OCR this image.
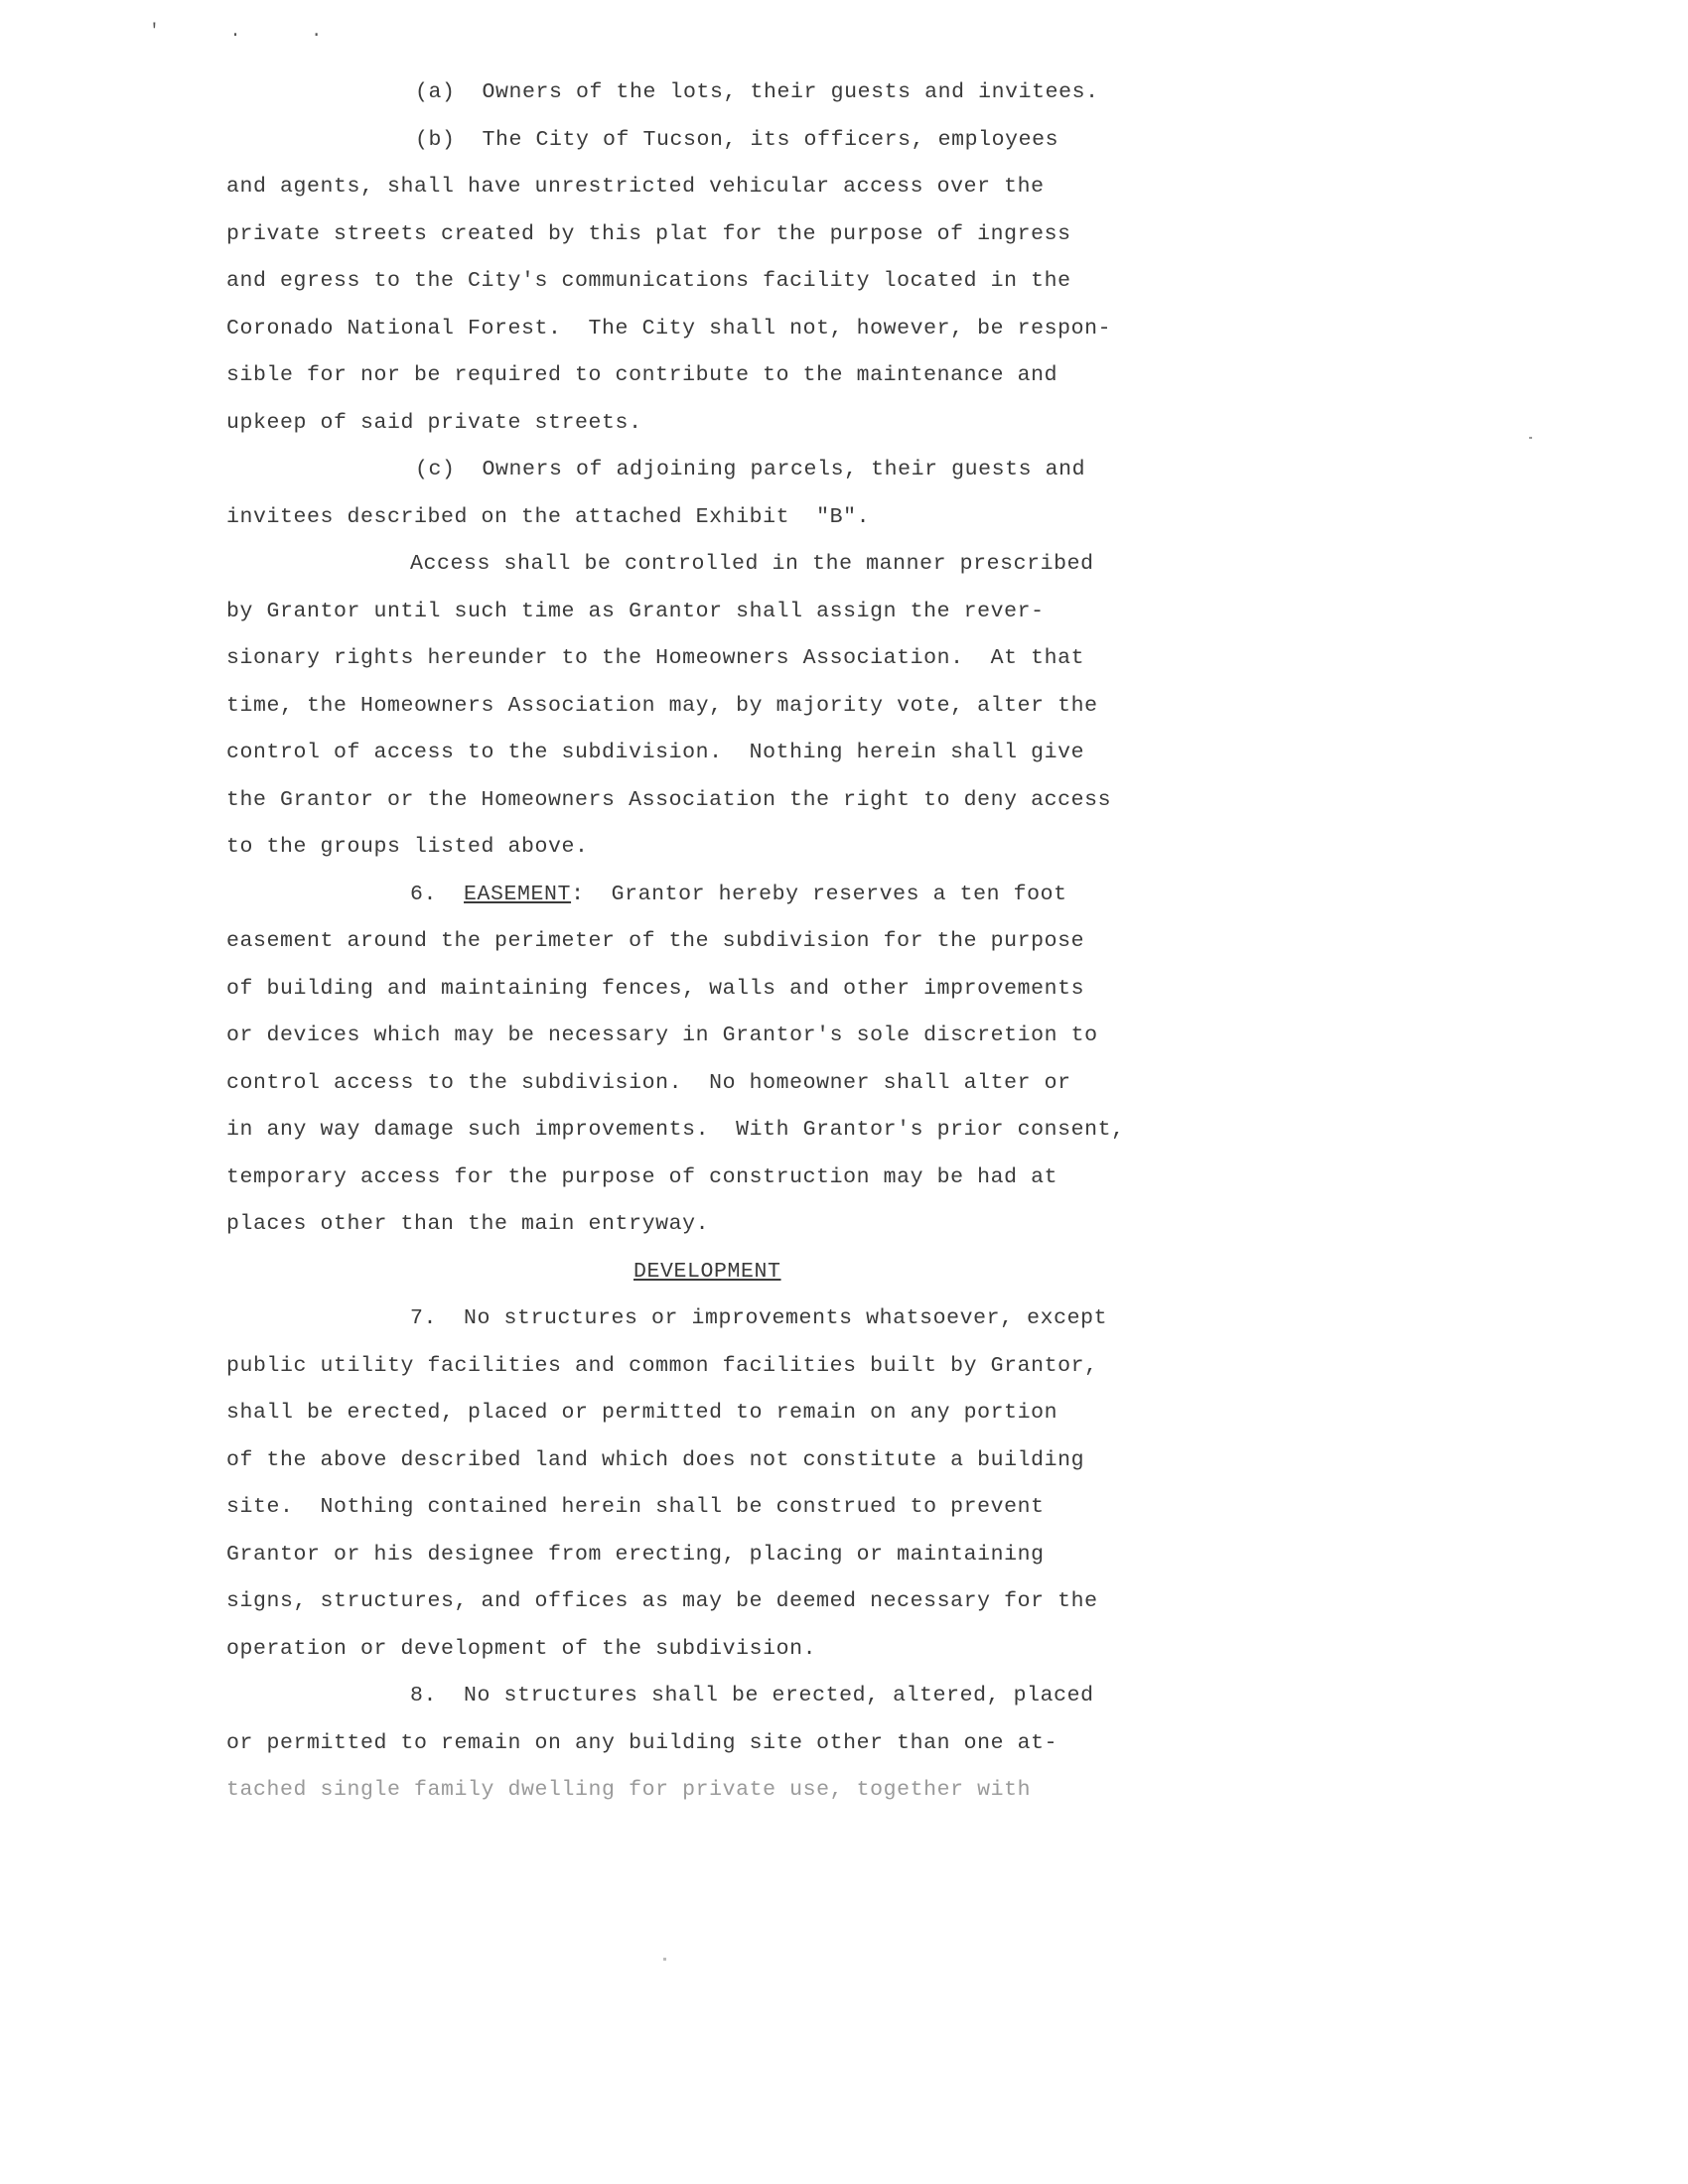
' . .
(a)  Owners of the lots, their guests and invitees.
(b)  The City of Tucson, its officers, employees
and agents, shall have unrestricted vehicular access over the
private streets created by this plat for the purpose of ingress
and egress to the City's communications facility located in the
Coronado National Forest.  The City shall not, however, be respon-
sible for nor be required to contribute to the maintenance and
upkeep of said private streets.
(c)  Owners of adjoining parcels, their guests and
invitees described on the attached Exhibit  "B".
Access shall be controlled in the manner prescribed
by Grantor until such time as Grantor shall assign the rever-
sionary rights hereunder to the Homeowners Association.  At that
time, the Homeowners Association may, by majority vote, alter the
control of access to the subdivision.  Nothing herein shall give
the Grantor or the Homeowners Association the right to deny access
to the groups listed above.
6. EASEMENT:  Grantor hereby reserves a ten foot
easement around the perimeter of the subdivision for the purpose
of building and maintaining fences, walls and other improvements
or devices which may be necessary in Grantor's sole discretion to
control access to the subdivision.  No homeowner shall alter or
in any way damage such improvements.  With Grantor's prior consent,
temporary access for the purpose of construction may be had at
places other than the main entryway.
DEVELOPMENT
7.  No structures or improvements whatsoever, except
public utility facilities and common facilities built by Grantor,
shall be erected, placed or permitted to remain on any portion
of the above described land which does not constitute a building
site.  Nothing contained herein shall be construed to prevent
Grantor or his designee from erecting, placing or maintaining
signs, structures, and offices as may be deemed necessary for the
operation or development of the subdivision.
8.  No structures shall be erected, altered, placed
or permitted to remain on any building site other than one at-
tached single family dwelling for private use, together with
